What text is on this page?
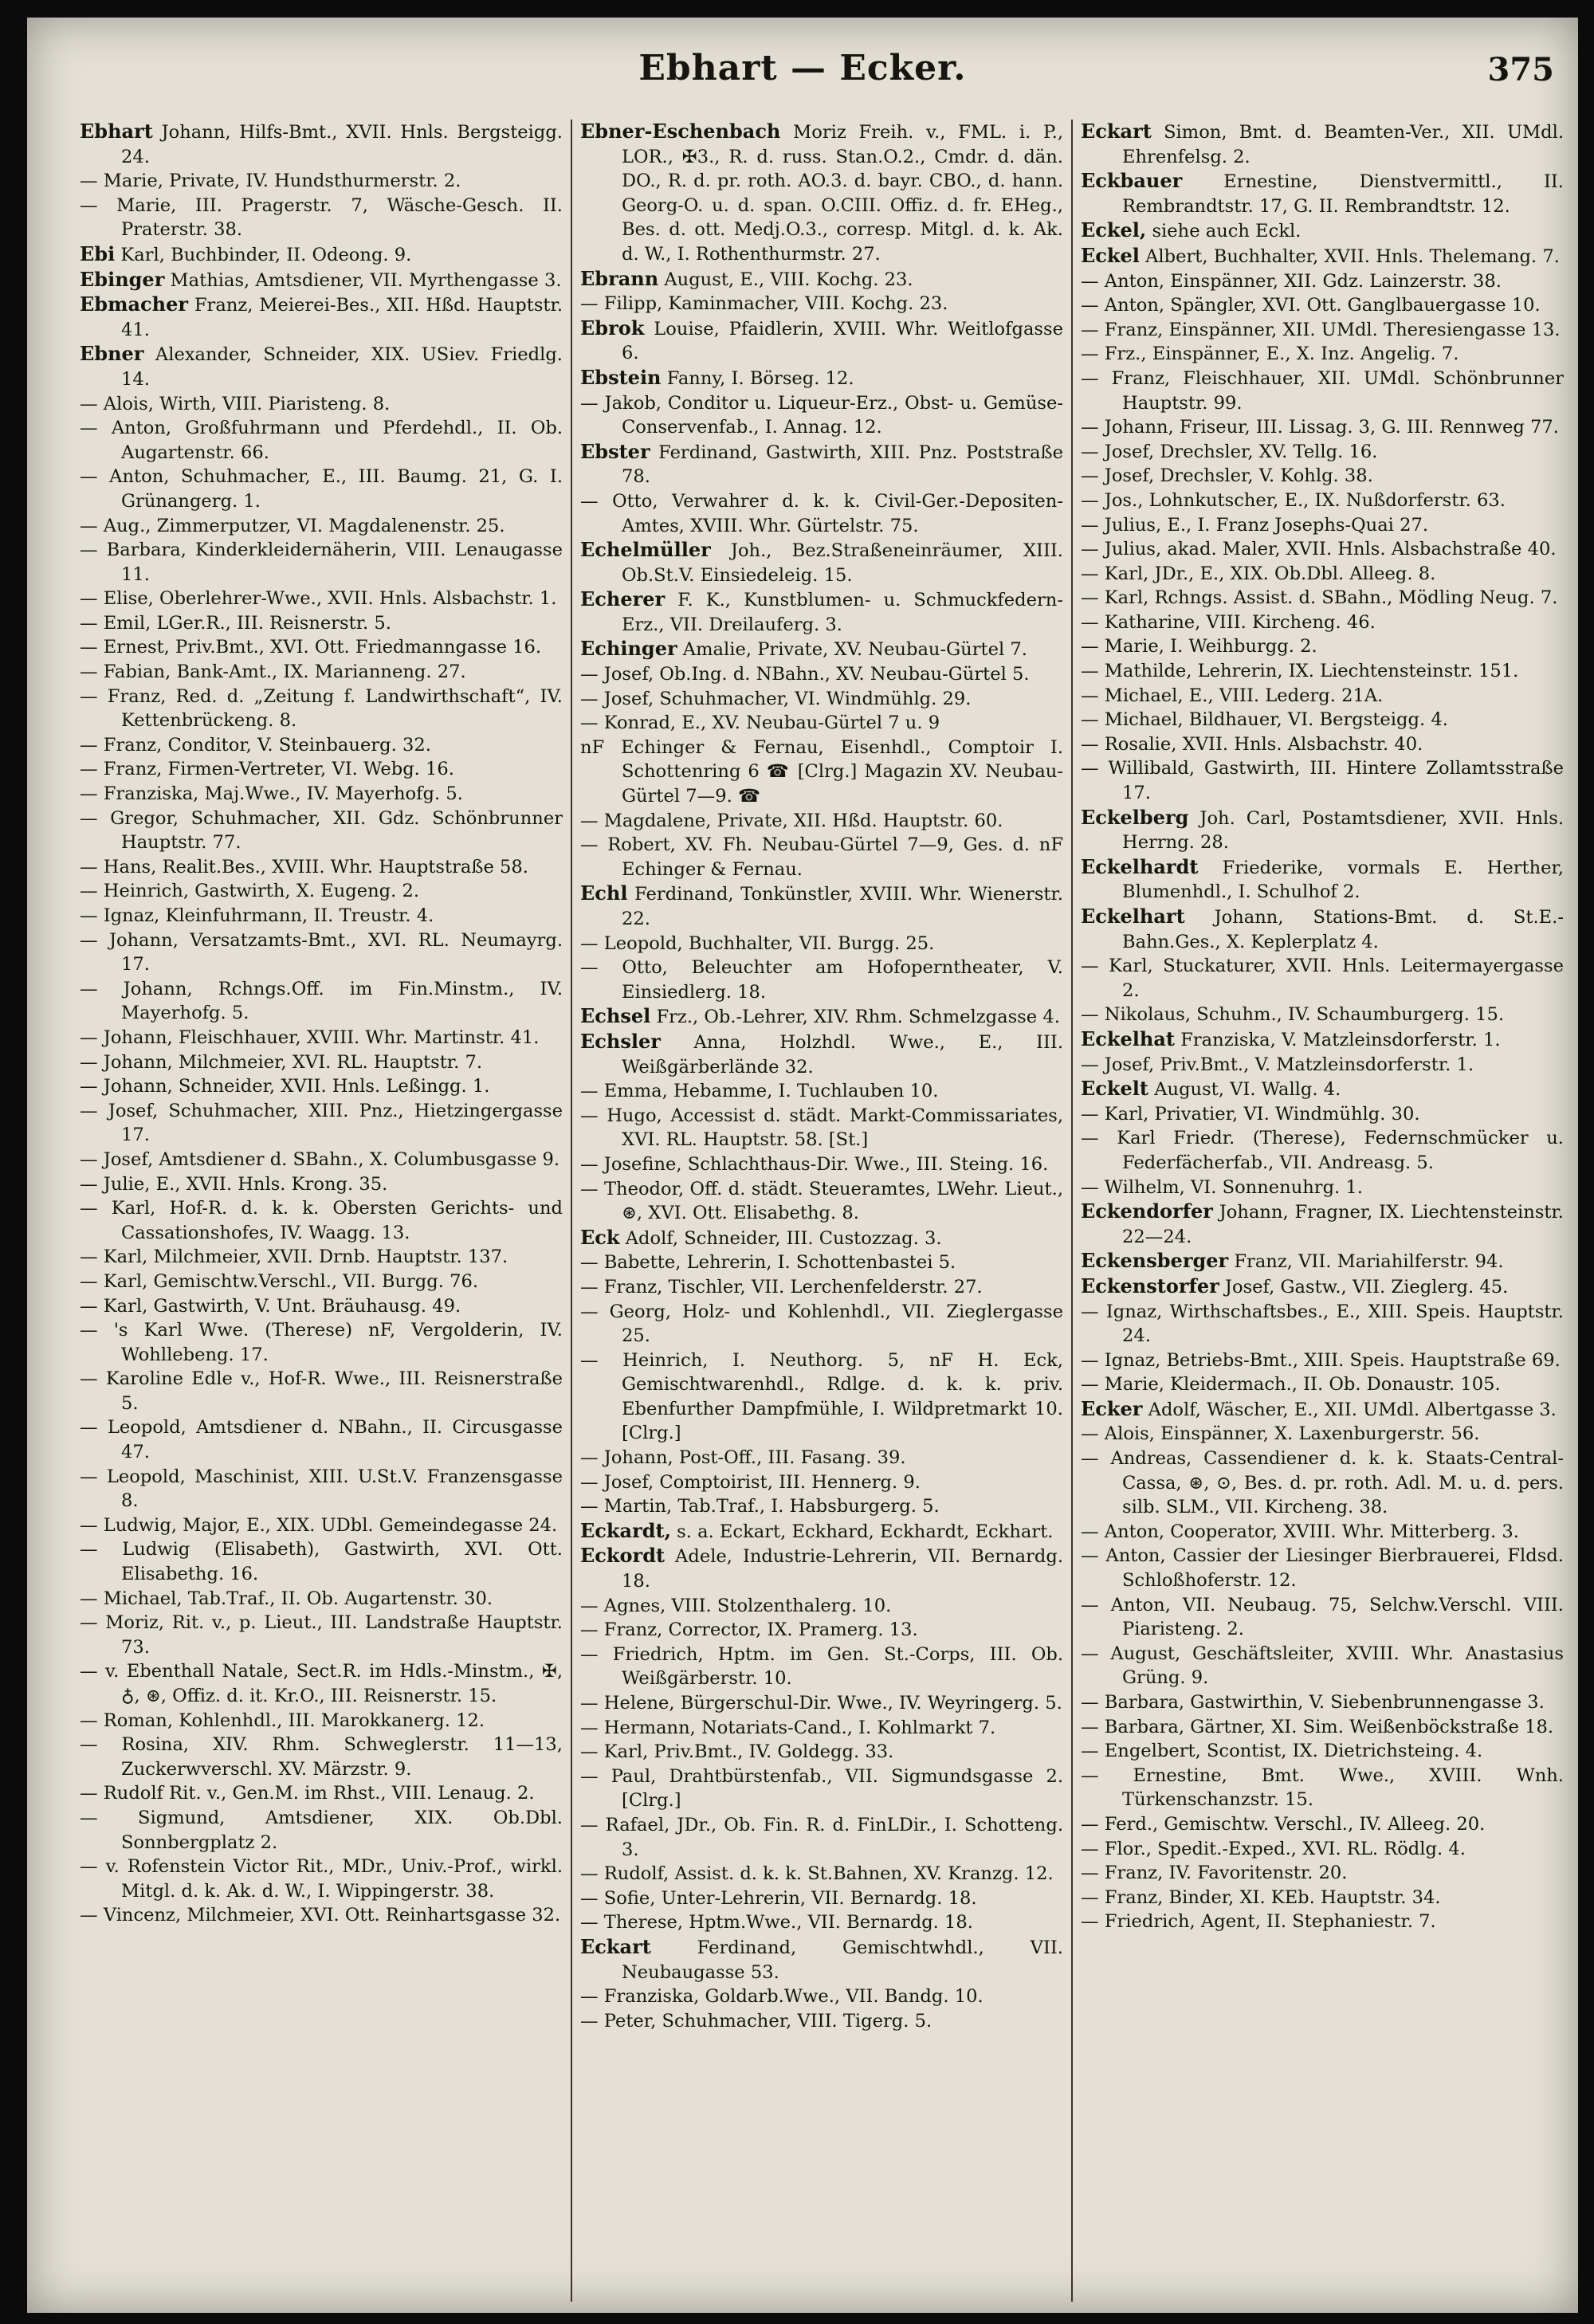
Ebhart — Ecker.	375

Ebhart Johann, Hilfs-Bmt., XVII. Hnls. Bergsteigg. 24.

— Marie, Private, IV. Hundsthurmerstr. 2.

— Marie, III. Pragerstr. 7, Wäsche-Gesch. II. Praterstr. 38.

Ebi Karl, Buchbinder, II. Odeong. 9.

Ebinger Mathias, Amtsdiener, VII. Myrthengasse 3.

Ebmacher Franz, Meierei-Bes., XII. Hßd. Hauptstr. 41.

Ebner Alexander, Schneider, XIX. USiev. Friedlg. 14.

— Alois, Wirth, VIII. Piaristeng. 8.

— Anton, Großfuhrmann und Pferdehdl., II. Ob. Augartenstr. 66.

— Anton, Schuhmacher, E., III. Baumg. 21, G. I. Grünangerg. 1.

— Aug., Zimmerputzer, VI. Magdalenenstr. 25.

— Barbara, Kinderkleidernäherin, VIII. Lenaugasse 11.

— Elise, Oberlehrer-Wwe., XVII. Hnls. Alsbachstr. 1.

— Emil, LGer.R., III. Reisnerstr. 5.

— Ernest, Priv.Bmt., XVI. Ott. Friedmanngasse 16.

— Fabian, Bank-Amt., IX. Marianneng. 27.

— Franz, Red. d. „Zeitung f. Landwirthschaft“, IV. Kettenbrückeng. 8.

— Franz, Conditor, V. Steinbauerg. 32.

— Franz, Firmen-Vertreter, VI. Webg. 16.

— Franziska, Maj.Wwe., IV. Mayerhofg. 5.

— Gregor, Schuhmacher, XII. Gdz. Schönbrunner Hauptstr. 77.

— Hans, Realit.Bes., XVIII. Whr. Hauptstraße 58.

— Heinrich, Gastwirth, X. Eugeng. 2.

— Ignaz, Kleinfuhrmann, II. Treustr. 4.

— Johann, Versatzamts-Bmt., XVI. RL. Neumayrg. 17.

— Johann, Rchngs.Off. im Fin.Minstm., IV. Mayerhofg. 5.

— Johann, Fleischhauer, XVIII. Whr. Martinstr. 41.

— Johann, Milchmeier, XVI. RL. Hauptstr. 7.

— Johann, Schneider, XVII. Hnls. Leßingg. 1.

— Josef, Schuhmacher, XIII. Pnz., Hietzingergasse 17.

— Josef, Amtsdiener d. SBahn., X. Columbusgasse 9.

— Julie, E., XVII. Hnls. Krong. 35.

— Karl, Hof-R. d. k. k. Obersten Gerichts- und Cassationshofes, IV. Waagg. 13.

— Karl, Milchmeier, XVII. Drnb. Hauptstr. 137.

— Karl, Gemischtw.Verschl., VII. Burgg. 76.

— Karl, Gastwirth, V. Unt. Bräuhausg. 49.

— 's Karl Wwe. (Therese) nF, Vergolderin, IV. Wohllebeng. 17.

— Karoline Edle v., Hof-R. Wwe., III. Reisnerstraße 5.

— Leopold, Amtsdiener d. NBahn., II. Circusgasse 47.

— Leopold, Maschinist, XIII. U.St.V. Franzensgasse 8.

— Ludwig, Major, E., XIX. UDbl. Gemeindegasse 24.

— Ludwig (Elisabeth), Gastwirth, XVI. Ott. Elisabethg. 16.

— Michael, Tab.Traf., II. Ob. Augartenstr. 30.

— Moriz, Rit. v., p. Lieut., III. Landstraße Hauptstr. 73.

— v. Ebenthall Natale, Sect.R. im Hdls.-Minstm., ✠, ♁, ⊛, Offiz. d. it. Kr.O., III. Reisnerstr. 15.

— Roman, Kohlenhdl., III. Marokkanerg. 12.

— Rosina, XIV. Rhm. Schweglerstr. 11—13, Zuckerwverschl. XV. Märzstr. 9.

— Rudolf Rit. v., Gen.M. im Rhst., VIII. Lenaug. 2.

— Sigmund, Amtsdiener, XIX. Ob.Dbl. Sonnbergplatz 2.

— v. Rofenstein Victor Rit., MDr., Univ.-Prof., wirkl. Mitgl. d. k. Ak. d. W., I. Wippingerstr. 38.

— Vincenz, Milchmeier, XVI. Ott. Reinhartsgasse 32.

Ebner-Eschenbach Moriz Freih. v., FML. i. P., LOR., ✠3., R. d. russ. Stan.O.2., Cmdr. d. dän. DO., R. d. pr. roth. AO.3. d. bayr. CBO., d. hann. Georg-O. u. d. span. O.CIII. Offiz. d. fr. EHeg., Bes. d. ott. Medj.O.3., corresp. Mitgl. d. k. Ak. d. W., I. Rothenthurmstr. 27.

Ebrann August, E., VIII. Kochg. 23.

— Filipp, Kaminmacher, VIII. Kochg. 23.

Ebrok Louise, Pfaidlerin, XVIII. Whr. Weitlofgasse 6.

Ebstein Fanny, I. Börseg. 12.

— Jakob, Conditor u. Liqueur-Erz., Obst- u. Gemüse-Conservenfab., I. Annag. 12.

Ebster Ferdinand, Gastwirth, XIII. Pnz. Poststraße 78.

— Otto, Verwahrer d. k. k. Civil-Ger.-Depositen-Amtes, XVIII. Whr. Gürtelstr. 75.

Echelmüller Joh., Bez.Straßeneinräumer, XIII. Ob.St.V. Einsiedeleig. 15.

Echerer F. K., Kunstblumen- u. Schmuckfedern-Erz., VII. Dreilauferg. 3.

Echinger Amalie, Private, XV. Neubau-Gürtel 7.

— Josef, Ob.Ing. d. NBahn., XV. Neubau-Gürtel 5.

— Josef, Schuhmacher, VI. Windmühlg. 29.

— Konrad, E., XV. Neubau-Gürtel 7 u. 9

nF Echinger & Fernau, Eisenhdl., Comptoir I. Schottenring 6 ☎ [Clrg.] Magazin XV. Neubau-Gürtel 7—9. ☎

— Magdalene, Private, XII. Hßd. Hauptstr. 60.

— Robert, XV. Fh. Neubau-Gürtel 7—9, Ges. d. nF Echinger & Fernau.

Echl Ferdinand, Tonkünstler, XVIII. Whr. Wienerstr. 22.

— Leopold, Buchhalter, VII. Burgg. 25.

— Otto, Beleuchter am Hofoperntheater, V. Einsiedlerg. 18.

Echsel Frz., Ob.-Lehrer, XIV. Rhm. Schmelzgasse 4.

Echsler Anna, Holzhdl. Wwe., E., III. Weißgärberlände 32.

— Emma, Hebamme, I. Tuchlauben 10.

— Hugo, Accessist d. städt. Markt-Commissariates, XVI. RL. Hauptstr. 58. [St.]

— Josefine, Schlachthaus-Dir. Wwe., III. Steing. 16.

— Theodor, Off. d. städt. Steueramtes, LWehr. Lieut., ⊛, XVI. Ott. Elisabethg. 8.

Eck Adolf, Schneider, III. Custozzag. 3.

— Babette, Lehrerin, I. Schottenbastei 5.

— Franz, Tischler, VII. Lerchenfelderstr. 27.

— Georg, Holz- und Kohlenhdl., VII. Zieglergasse 25.

— Heinrich, I. Neuthorg. 5, nF H. Eck, Gemischtwarenhdl., Rdlge. d. k. k. priv. Ebenfurther Dampfmühle, I. Wildpretmarkt 10. [Clrg.]

— Johann, Post-Off., III. Fasang. 39.

— Josef, Comptoirist, III. Hennerg. 9.

— Martin, Tab.Traf., I. Habsburgerg. 5.

Eckardt, s. a. Eckart, Eckhard, Eckhardt, Eckhart.

Eckordt Adele, Industrie-Lehrerin, VII. Bernardg. 18.

— Agnes, VIII. Stolzenthalerg. 10.

— Franz, Corrector, IX. Pramerg. 13.

— Friedrich, Hptm. im Gen. St.-Corps, III. Ob. Weißgärberstr. 10.

— Helene, Bürgerschul-Dir. Wwe., IV. Weyringerg. 5.

— Hermann, Notariats-Cand., I. Kohlmarkt 7.

— Karl, Priv.Bmt., IV. Goldegg. 33.

— Paul, Drahtbürstenfab., VII. Sigmundsgasse 2. [Clrg.]

— Rafael, JDr., Ob. Fin. R. d. FinLDir., I. Schotteng. 3.

— Rudolf, Assist. d. k. k. St.Bahnen, XV. Kranzg. 12.

— Sofie, Unter-Lehrerin, VII. Bernardg. 18.

— Therese, Hptm.Wwe., VII. Bernardg. 18.

Eckart Ferdinand, Gemischtwhdl., VII. Neubaugasse 53.

— Franziska, Goldarb.Wwe., VII. Bandg. 10.

— Peter, Schuhmacher, VIII. Tigerg. 5.

Eckart Simon, Bmt. d. Beamten-Ver., XII. UMdl. Ehrenfelsg. 2.

Eckbauer Ernestine, Dienstvermittl., II. Rembrandtstr. 17, G. II. Rembrandtstr. 12.

Eckel, siehe auch Eckl.

Eckel Albert, Buchhalter, XVII. Hnls. Thelemang. 7.

— Anton, Einspänner, XII. Gdz. Lainzerstr. 38.

— Anton, Spängler, XVI. Ott. Ganglbauergasse 10.

— Franz, Einspänner, XII. UMdl. Theresiengasse 13.

— Frz., Einspänner, E., X. Inz. Angelig. 7.

— Franz, Fleischhauer, XII. UMdl. Schönbrunner Hauptstr. 99.

— Johann, Friseur, III. Lissag. 3, G. III. Rennweg 77.

— Josef, Drechsler, XV. Tellg. 16.

— Josef, Drechsler, V. Kohlg. 38.

— Jos., Lohnkutscher, E., IX. Nußdorferstr. 63.

— Julius, E., I. Franz Josephs-Quai 27.

— Julius, akad. Maler, XVII. Hnls. Alsbachstraße 40.

— Karl, JDr., E., XIX. Ob.Dbl. Alleeg. 8.

— Karl, Rchngs. Assist. d. SBahn., Mödling Neug. 7.

— Katharine, VIII. Kircheng. 46.

— Marie, I. Weihburgg. 2.

— Mathilde, Lehrerin, IX. Liechtensteinstr. 151.

— Michael, E., VIII. Lederg. 21A.

— Michael, Bildhauer, VI. Bergsteigg. 4.

— Rosalie, XVII. Hnls. Alsbachstr. 40.

— Willibald, Gastwirth, III. Hintere Zollamtsstraße 17.

Eckelberg Joh. Carl, Postamtsdiener, XVII. Hnls. Herrng. 28.

Eckelhardt Friederike, vormals E. Herther, Blumenhdl., I. Schulhof 2.

Eckelhart Johann, Stations-Bmt. d. St.E.-Bahn.Ges., X. Keplerplatz 4.

— Karl, Stuckaturer, XVII. Hnls. Leitermayergasse 2.

— Nikolaus, Schuhm., IV. Schaumburgerg. 15.

Eckelhat Franziska, V. Matzleinsdorferstr. 1.

— Josef, Priv.Bmt., V. Matzleinsdorferstr. 1.

Eckelt August, VI. Wallg. 4.

— Karl, Privatier, VI. Windmühlg. 30.

— Karl Friedr. (Therese), Federnschmücker u. Federfächerfab., VII. Andreasg. 5.

— Wilhelm, VI. Sonnenuhrg. 1.

Eckendorfer Johann, Fragner, IX. Liechtensteinstr. 22—24.

Eckensberger Franz, VII. Mariahilferstr. 94.

Eckenstorfer Josef, Gastw., VII. Zieglerg. 45.

— Ignaz, Wirthschaftsbes., E., XIII. Speis. Hauptstr. 24.

— Ignaz, Betriebs-Bmt., XIII. Speis. Hauptstraße 69.

— Marie, Kleidermach., II. Ob. Donaustr. 105.

Ecker Adolf, Wäscher, E., XII. UMdl. Albertgasse 3.

— Alois, Einspänner, X. Laxenburgerstr. 56.

— Andreas, Cassendiener d. k. k. Staats-Central-Cassa, ⊛, ⊙, Bes. d. pr. roth. Adl. M. u. d. pers. silb. SLM., VII. Kircheng. 38.

— Anton, Cooperator, XVIII. Whr. Mitterberg. 3.

— Anton, Cassier der Liesinger Bierbrauerei, Fldsd. Schloßhoferstr. 12.

— Anton, VII. Neubaug. 75, Selchw.Verschl. VIII. Piaristeng. 2.

— August, Geschäftsleiter, XVIII. Whr. Anastasius Grüng. 9.

— Barbara, Gastwirthin, V. Siebenbrunnengasse 3.

— Barbara, Gärtner, XI. Sim. Weißenböckstraße 18.

— Engelbert, Scontist, IX. Dietrichsteing. 4.

— Ernestine, Bmt. Wwe., XVIII. Wnh. Türkenschanzstr. 15.

— Ferd., Gemischtw. Verschl., IV. Alleeg. 20.

— Flor., Spedit.-Exped., XVI. RL. Rödlg. 4.

— Franz, IV. Favoritenstr. 20.

— Franz, Binder, XI. KEb. Hauptstr. 34.

— Friedrich, Agent, II. Stephaniestr. 7.
